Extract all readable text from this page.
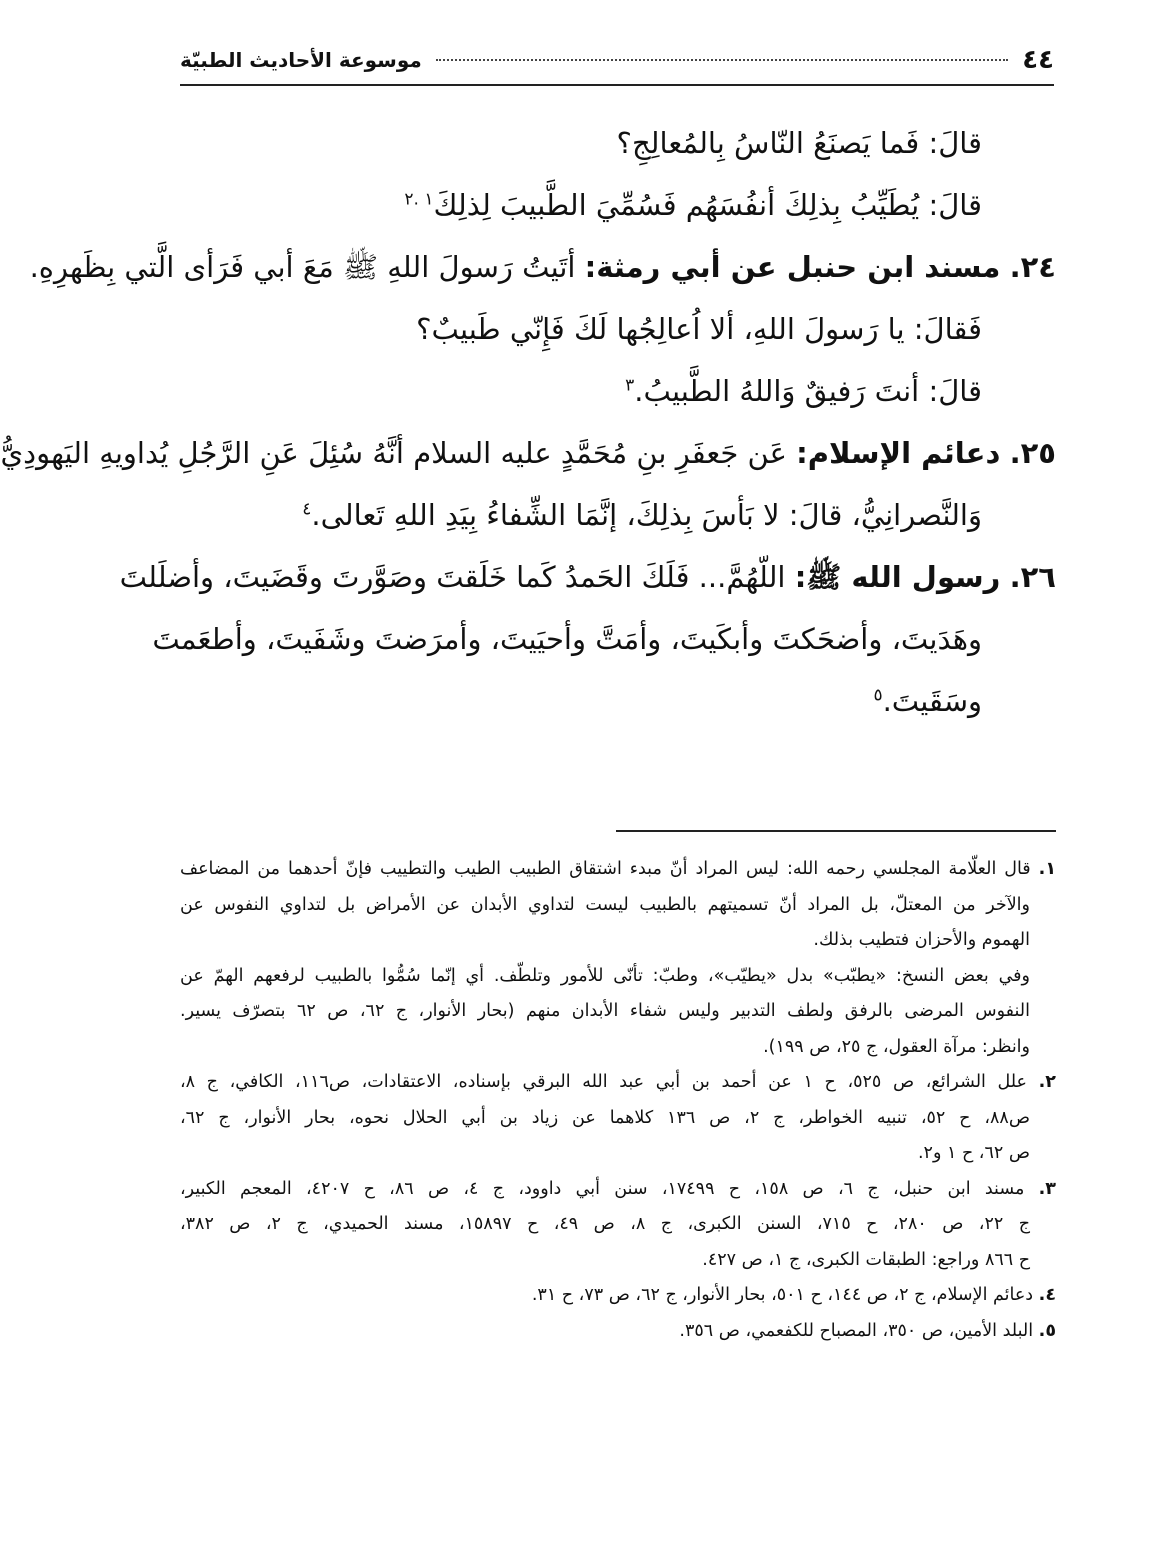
٤٤
موسوعة الأحاديث الطبيّة
قالَ: فَما يَصنَعُ النّاسُ بِالمُعالِجِ؟
قالَ: يُطَيِّبُ بِذلِكَ أنفُسَهُم فَسُمِّيَ الطَّبيبَ لِذلِكَ$^{١ .٢}$
٢٤. مسند ابن حنبل عن أبي رمثة: أتَيتُ رَسولَ اللهِ ﷺ مَعَ أبي فَرَأى الَّتي بِظَهرِهِ.
فَقالَ: يا رَسولَ اللهِ، ألا اُعالِجُها لَكَ فَإِنّي طَبيبٌ؟
قالَ: أنتَ رَفيقٌ وَاللهُ الطَّبيبُ.$^٣$
٢٥. دعائم الإسلام: عَن جَعفَرِ بنِ مُحَمَّدٍ عليه السلام أنَّهُ سُئِلَ عَنِ الرَّجُلِ يُداويهِ اليَهودِيُّ
وَالنَّصرانِيُّ، قالَ: لا بَأسَ بِذلِكَ، إنَّمَا الشِّفاءُ بِيَدِ اللهِ تَعالى.$^٤$
٢٦. رسول الله ﷺ: اللّهُمَّ... فَلَكَ الحَمدُ كَما خَلَقتَ وصَوَّرتَ وقَضَيتَ، وأضلَلتَ
وهَدَيتَ، وأضحَكتَ وأبكَيتَ، وأمَتَّ وأحيَيتَ، وأمرَضتَ وشَفَيتَ، وأطعَمتَ
وسَقَيتَ.$^٥$
١. قال العلّامة المجلسي رحمه الله: ليس المراد أنّ مبدء اشتقاق الطبيب الطيب والتطييب فإنّ أحدهما من المضاعف
والآخر من المعتلّ، بل المراد أنّ تسميتهم بالطبيب ليست لتداوي الأبدان عن الأمراض بل لتداوي النفوس عن
الهموم والأحزان فتطيب بذلك.
وفي بعض النسخ: «يطبّب» بدل «يطيّب»، وطبّ: تأنّى للأمور وتلطّف. أي إنّما سُمُّوا بالطبيب لرفعهم الهمّ عن
النفوس المرضى بالرفق ولطف التدبير وليس شفاء الأبدان منهم (بحار الأنوار، ج ٦٢، ص ٦٢ بتصرّف يسير.
وانظر: مرآة العقول، ج ٢٥، ص ١٩٩).
٢. علل الشرائع، ص ٥٢٥، ح ١ عن أحمد بن أبي عبد الله البرقي بإسناده، الاعتقادات، ص١١٦، الكافي، ج ٨،
ص٨٨، ح ٥٢، تنبيه الخواطر، ج ٢، ص ١٣٦ كلاهما عن زياد بن أبي الحلال نحوه، بحار الأنوار، ج ٦٢،
ص ٦٢، ح ١ و٢.
٣. مسند ابن حنبل، ج ٦، ص ١٥٨، ح ١٧٤٩٩، سنن أبي داوود، ج ٤، ص ٨٦، ح ٤٢٠٧، المعجم الكبير،
ج ٢٢، ص ٢٨٠، ح ٧١٥، السنن الكبرى، ج ٨، ص ٤٩، ح ١٥٨٩٧، مسند الحميدي، ج ٢، ص ٣٨٢،
ح ٨٦٦ وراجع: الطبقات الكبرى، ج ١، ص ٤٢٧.
٤. دعائم الإسلام، ج ٢، ص ١٤٤، ح ٥٠١، بحار الأنوار، ج ٦٢، ص ٧٣، ح ٣١.
٥. البلد الأمين، ص ٣٥٠، المصباح للكفعمي، ص ٣٥٦.
